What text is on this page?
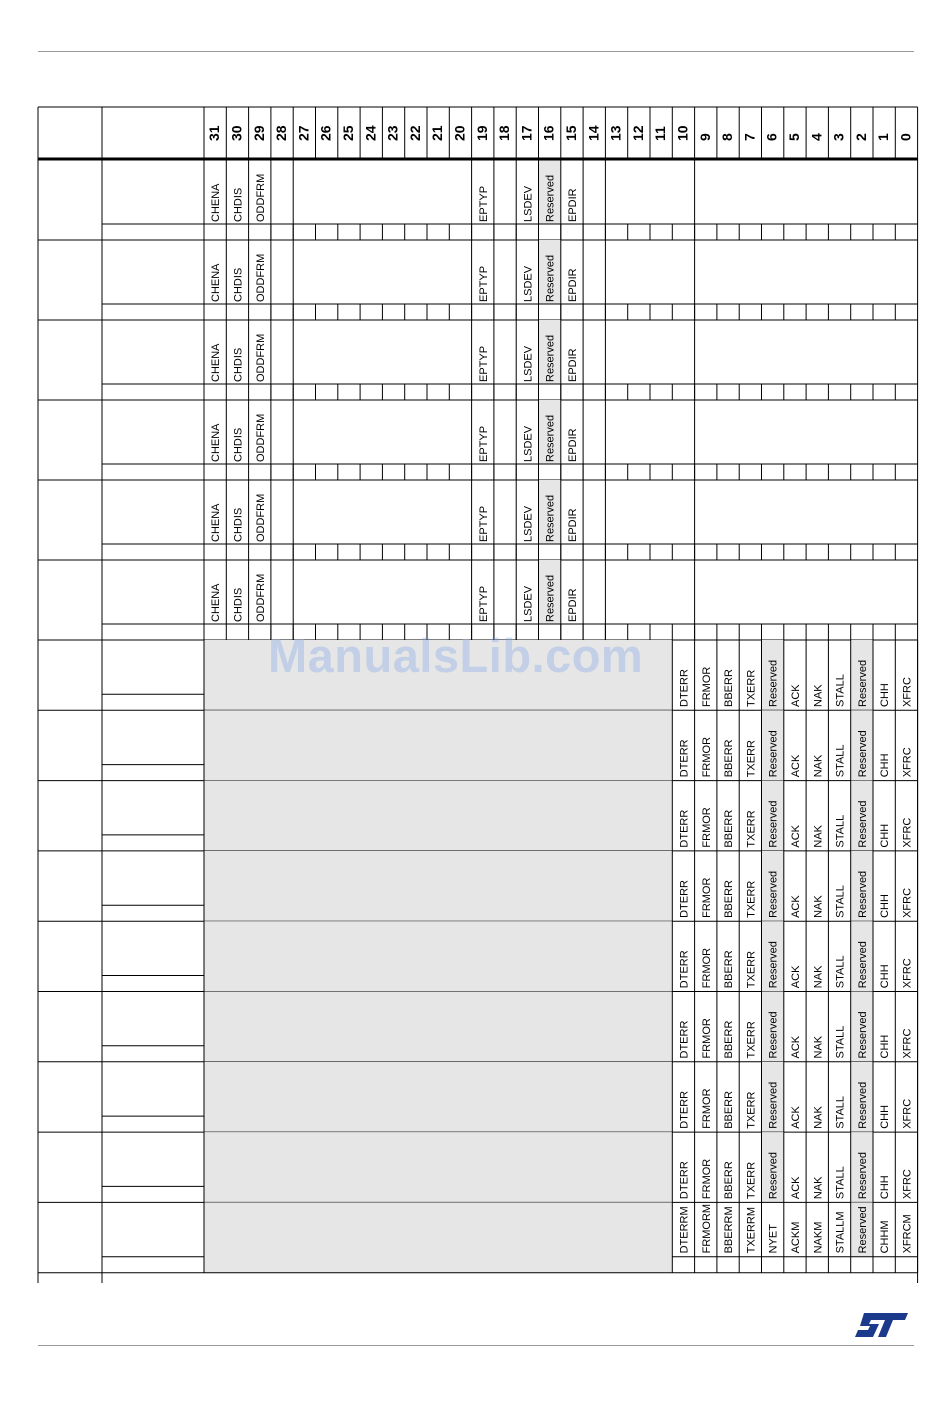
31 30 29 28 27 26 25 24 23 22 21 20 19 18 17 16 15 14 13 12 11 10 9 8 7 6 5 4 3 2 1 0
CHENA CHDIS ODDFRM	EPTYP	LSDEV Reserved EPDIR
CHENA CHDIS ODDFRM	EPTYP	LSDEV Reserved EPDIR
CHENA CHDIS ODDFRM	EPTYP	LSDEV Reserved EPDIR
CHENA CHDIS ODDFRM	EPTYP	LSDEV Reserved EPDIR
CHENA CHDIS ODDFRM	EPTYP	LSDEV Reserved EPDIR
CHENA CHDIS ODDFRM	EPTYP	LSDEV Reserved EPDIR
DTERR FRMOR BBERR TXERR Reserved ACK NAK STALL Reserved CHH XFRC
DTERR FRMOR BBERR TXERR Reserved ACK NAK STALL Reserved CHH XFRC
DTERR FRMOR BBERR TXERR Reserved ACK NAK STALL Reserved CHH XFRC
DTERR FRMOR BBERR TXERR Reserved ACK NAK STALL Reserved CHH XFRC
DTERR FRMOR BBERR TXERR Reserved ACK NAK STALL Reserved CHH XFRC
DTERR FRMOR BBERR TXERR Reserved ACK NAK STALL Reserved CHH XFRC
DTERR FRMOR BBERR TXERR Reserved ACK NAK STALL Reserved CHH XFRC
DTERR FRMOR BBERR TXERR Reserved ACK NAK STALL Reserved CHH XFRC
DTERRM FRMORM BBERRM TXERRM NYET ACKM NAKM STALLM Reserved CHHM XFRCM
ManualsLib.com
